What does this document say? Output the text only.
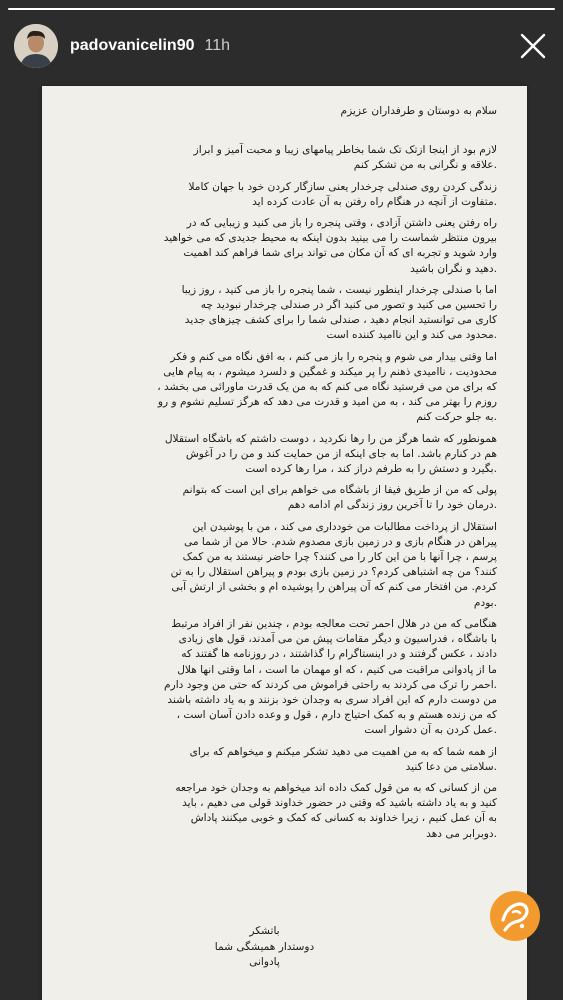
padovanicelin90 11h

سلام به دوستان و طرفداران عزیزم

لازم بود از اینجا ازتک تک شما بخاطر پیامهای زیبا و محبت آمیز و ابراز
.علاقه و نگرانی به من تشکر کنم

زندگی کردن روی صندلی چرخدار یعنی سازگار کردن خود با جهان کاملا
.متفاوت از آنچه در هنگام راه رفتن به آن عادت کرده اید

راه رفتن یعنی داشتن آزادی ، وقتی پنجره را باز می کنید و زیبایی که در
بیرون منتظر شماست را می بینید بدون اینکه به محیط جدیدی که می خواهید
وارد شوید و تجربه ای که آن مکان می تواند برای شما فراهم کند اهمیت
.دهید و نگران باشید

اما با صندلی چرخدار اینطور نیست ، شما پنجره را باز می کنید ، روز زیبا
را تحسین می کنید و تصور می کنید اگر در صندلی چرخدار نبودید چه
کاری می توانستید انجام دهید ، صندلی شما را برای کشف چیزهای جدید
.محدود می کند و این ناامید کننده است

اما وقتی بیدار می شوم و پنجره را باز می کنم ، به افق نگاه می کنم و فکر
محدودیت ، ناامیدی ذهنم را پر میکند و غمگین و دلسرد میشوم ، به پیام هایی
که برای من می فرستید نگاه می کنم که به من یک قدرت ماورائی می بخشد ،
روزم را بهتر می کند ، به من امید و قدرت می دهد که هرگز تسلیم نشوم و رو
.به جلو حرکت کنم

همونطور که شما هرگز من را رها نکردید ، دوست داشتم که باشگاه استقلال
هم در کنارم باشد. اما به جای اینکه از من حمایت کند و من را در آغوش
.بگیرد و دستش را به طرفم دراز کند ، مرا رها کرده است

پولی که من از طریق فیفا از باشگاه می خواهم برای این است که بتوانم
.درمان خود را تا آخرین روز زندگی ام ادامه دهم

استقلال از پرداخت مطالبات من خودداری می کند ، من با پوشیدن این
پیراهن در هنگام بازی و در زمین بازی مصدوم شدم. حالا من از شما می
پرسم ، چرا آنها با من این کار را می کنند؟ چرا حاضر نیستند به من کمک
کنند؟ من چه اشتباهی کردم؟ در زمین بازی بودم و پیراهن استقلال را به تن
کردم. من افتخار می کنم که آن پیراهن را پوشیده ام و بخشی از ارتش آبی
.بودم

هنگامی که من در هلال احمر تحت معالجه بودم ، چندین نفر از افراد مرتبط
با باشگاه ، فدراسیون و دیگر مقامات پیش من می آمدند، قول های زیادی
دادند ، عکس گرفتند و در اینستاگرام را گذاشتند ، در روزنامه ها گفتند که
ما از پادوانی مراقبت می کنیم ، که او مهمان ما است ، اما وقتی انها هلال
.احمر را ترک می کردند به راحتی فراموش می کردند که حتی من وجود دارم
من دوست دارم که این افراد سری به وجدان خود بزنند و به یاد داشته باشند
که من زنده هستم و به کمک احتیاج دارم ، قول و وعده دادن آسان است ،
.عمل کردن به آن دشوار است

از همه شما که به من اهمیت می دهید تشکر میکنم و میخواهم که برای
.سلامتی من دعا کنید

من از کسانی که به من قول کمک داده اند میخواهم به وجدان خود مراجعه
کنید و به یاد داشته باشید که وقتی در حضور خداوند قولی می دهیم ، باید
به آن عمل کنیم ، زیرا خداوند به کسانی که کمک و خوبی میکنند پاداش
.دوبرابر می دهد

باتشکر
دوستدار همیشگی شما
پادوانی
